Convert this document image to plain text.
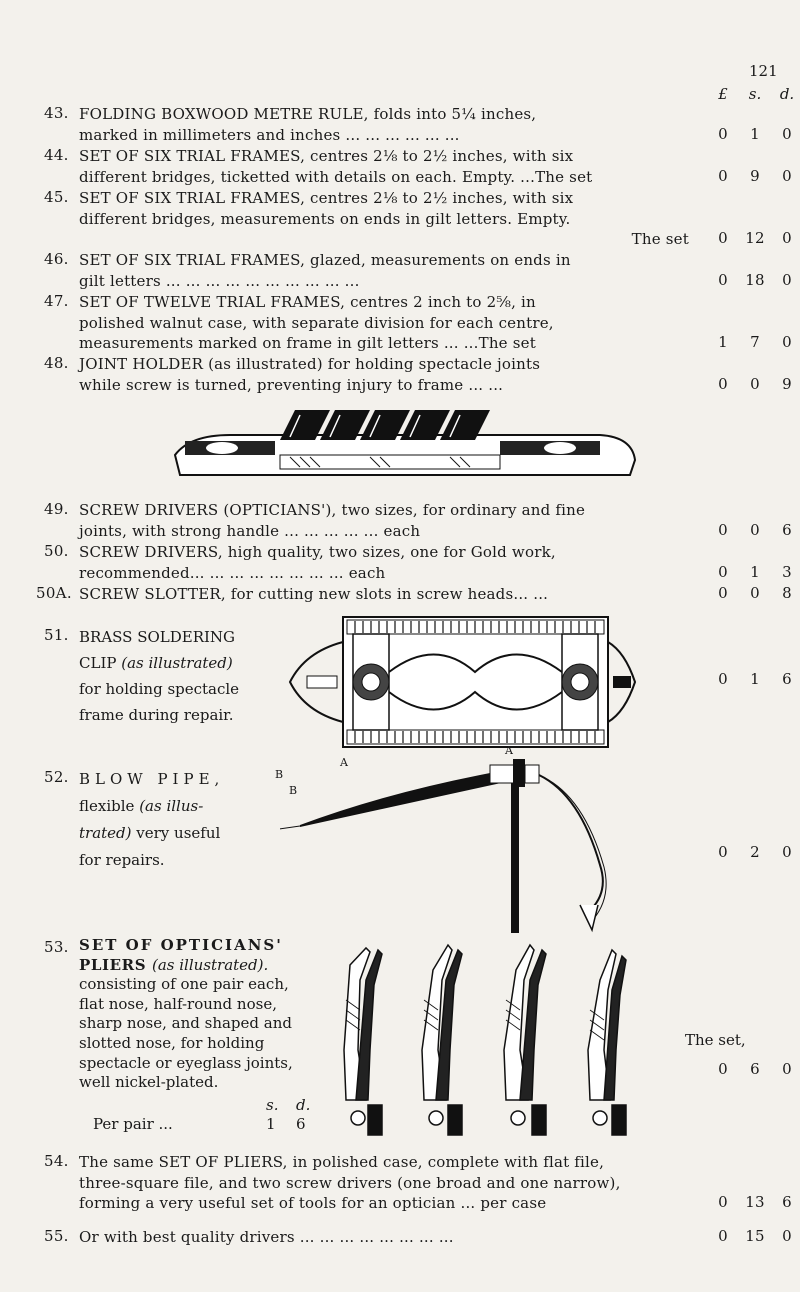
121
£	s.	d.
43. FOLDING BOXWOOD METRE RULE, folds into 5¼ inches,
marked in millimeters and inches ... ... ... ... ... ...	0	1	0
44. SET OF SIX TRIAL FRAMES, centres 2⅛ to 2½ inches, with six
different bridges, ticketted with details on each. Empty. ...The set	0	9	0
45. SET OF SIX TRIAL FRAMES, centres 2⅛ to 2½ inches, with six
different bridges, measurements on ends in gilt letters. Empty.
The set	0	12	0
46. SET OF SIX TRIAL FRAMES, glazed, measurements on ends in
gilt letters ... ... ... ... ... ... ... ... ... ...	0	18	0
47. SET OF TWELVE TRIAL FRAMES, centres 2 inch to 2⅝, in
polished walnut case, with separate division for each centre,
measurements marked on frame in gilt letters ... ...The set	1	7	0
48. JOINT HOLDER (as illustrated) for holding spectacle joints
while screw is turned, preventing injury to frame ... ...	0	0	9
49. SCREW DRIVERS (OPTICIANS'), two sizes, for ordinary and fine
joints, with strong handle ... ... ... ... ... each	0	0	6
50. SCREW DRIVERS, high quality, two sizes, one for Gold work,
recommended... ... ... ... ... ... ... ... each	0	1	3
50A. SCREW SLOTTER, for cutting new slots in screw heads... ...	0	0	8
51. BRASS SOLDERING
CLIP (as illustrated)
for holding spectacle
frame during repair.
0	1	6
52. BLOW PIPE,
flexible (as illus-
trated) very useful
for repairs.
B
B
A
A
0	2	0
53. SET OF OPTICIANS'
PLIERS (as illustrated).
consisting of one pair each,
flat nose, half-round nose,
sharp nose, and shaped and
slotted nose, for holding
spectacle or eyeglass joints,
well nickel-plated.
s. d.
Per pair ...	1 6
The set,
0	6	0
54. The same SET OF PLIERS, in polished case, complete with flat file,
three-square file, and two screw drivers (one broad and one narrow),
forming a very useful set of tools for an optician ... per case	0	13	6
55. Or with best quality drivers ... ... ... ... ... ... ... ...	0	15	0
